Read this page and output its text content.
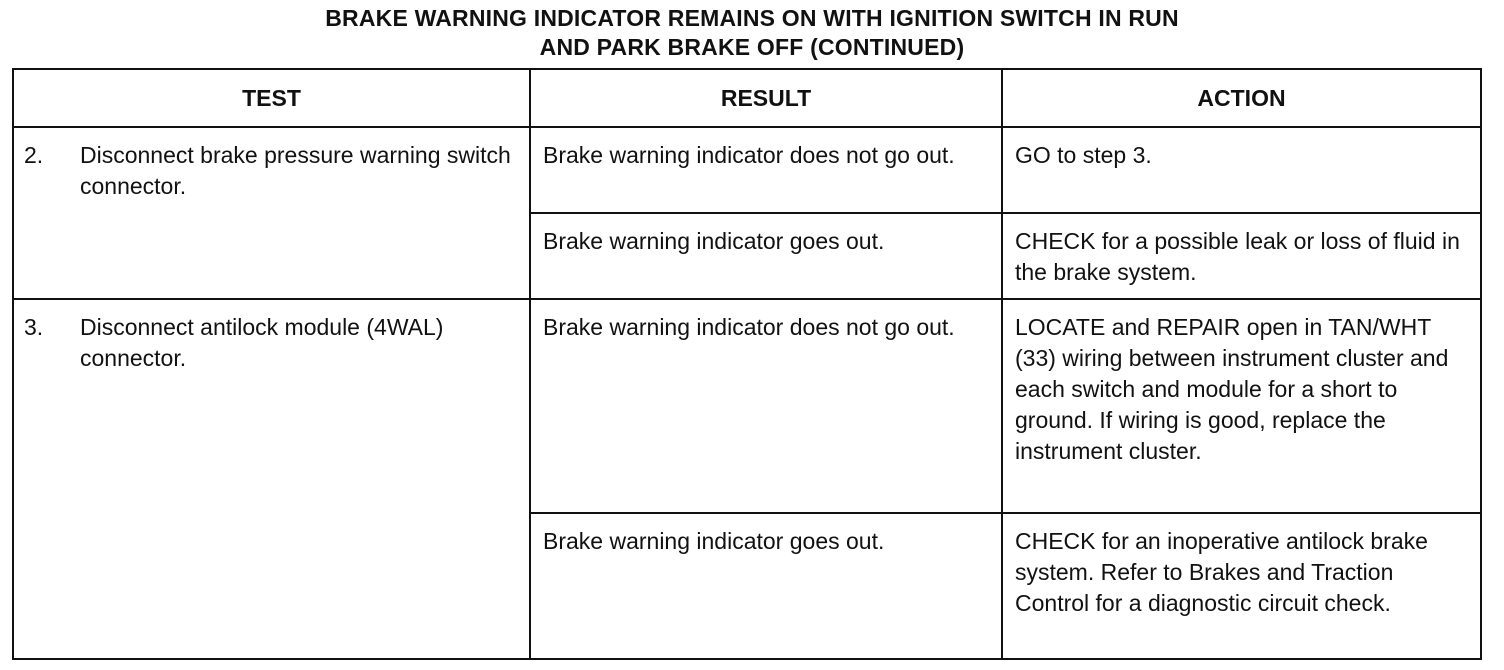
BRAKE WARNING INDICATOR REMAINS ON WITH IGNITION SWITCH IN RUN
AND PARK BRAKE OFF (CONTINUED)
TEST	RESULT	ACTION

2. Disconnect brake pressure warning switch connector.	Brake warning indicator does not go out.	GO to step 3.

	Brake warning indicator goes out.	CHECK for a possible leak or loss of fluid in the brake system.

3. Disconnect antilock module (4WAL) connector.	Brake warning indicator does not go out.	LOCATE and REPAIR open in TAN/WHT (33) wiring between instrument cluster and each switch and module for a short to ground. If wiring is good, replace the instrument cluster.

	Brake warning indicator goes out.	CHECK for an inoperative antilock brake system. Refer to Brakes and Traction Control for a diagnostic circuit check.
